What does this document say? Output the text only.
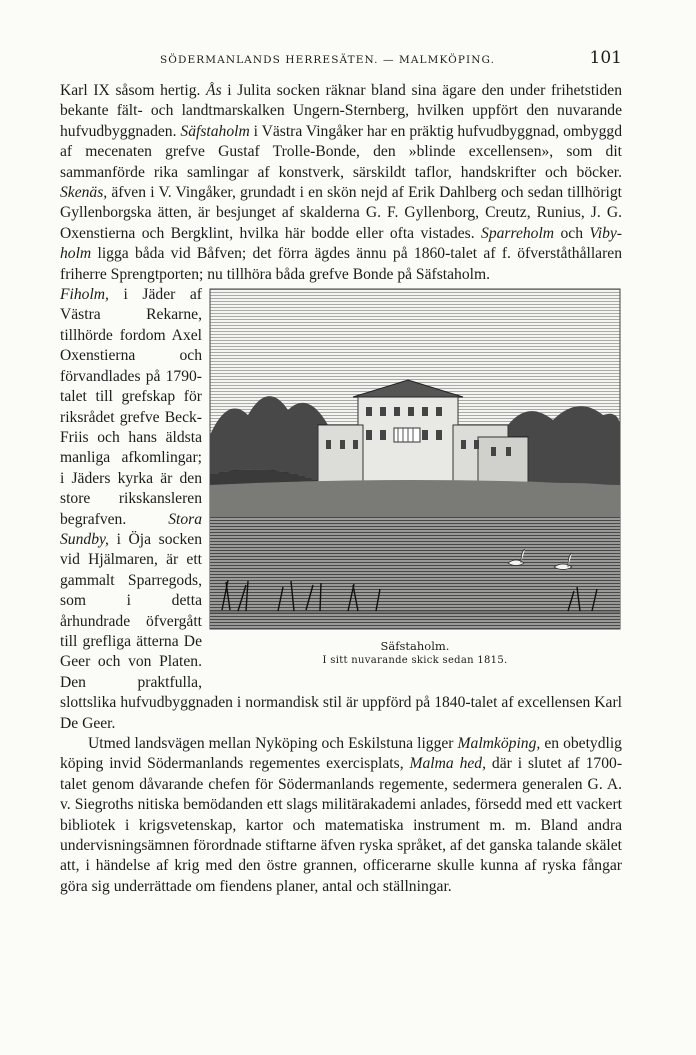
SÖDERMANLANDS HERRESÄTEN. — MALMKÖPING.	101

Karl IX såsom hertig. Ås i Julita socken räknar bland sina ägare den under frihetstiden bekante fält- och landtmarskalken Ungern-Sternberg, hvilken uppfört den nuvarande hufvudbyggnaden. Säfstaholm i Västra Vingåker har en präktig hufvudbyggnad, ombyggd af mecenaten grefve Gustaf Trolle-Bonde, den »blinde excellensen», som dit sammanförde rika samlingar af konstverk, särskildt taflor, handskrifter och böcker. Skenäs, äfven i V. Vingåker, grundadt i en skön nejd af Erik Dahlberg och sedan tillhörigt Gyllenborgska ätten, är besjunget af skalderna G. F. Gyllenborg, Creutz, Runius, J. G. Oxenstierna och Bergklint, hvilka här bodde eller ofta vistades. Sparreholm och Viby-holm ligga båda vid Båfven; det förra ägdes ännu på 1860-talet af f. öfverståthållaren friherre Sprengtporten; nu tillhöra båda grefve Bonde på Säfstaholm.
Fiholm,
Säfstaholm.
I sitt nuvarande skick sedan 1815.
i Jäder af Västra Rekarne, tillhörde fordom Axel Oxenstierna och förvandlades på 1790-talet till grefskap för riksrådet grefve Beck-Friis och hans äldsta manliga afkomlingar; i Jäders kyrka är den store rikskansleren begrafven. Stora Sundby, i Öja socken vid Hjälmaren, är ett gammalt Sparregods, som i detta århundrade öfvergått till grefliga ätterna De Geer och von Platen. Den praktfulla, slottslika hufvudbyggnaden i normandisk stil är uppförd på 1840-talet af excellensen Karl De Geer.

Utmed landsvägen mellan Nyköping och Eskilstuna ligger Malmköping, en obetydlig köping invid Södermanlands regementes exercisplats, Malma hed, där i slutet af 1700-talet genom dåvarande chefen för Södermanlands regemente, sedermera generalen G. A. v. Siegroths nitiska bemödanden ett slags militärakademi anlades, försedd med ett vackert bibliotek i krigsvetenskap, kartor och matematiska instrument m. m. Bland andra undervisningsämnen förordnade stiftarne äfven ryska språket, af det ganska talande skälet att, i händelse af krig med den östre grannen, officerarne skulle kunna af ryska fångar göra sig underrättade om fiendens planer, antal och ställningar.
